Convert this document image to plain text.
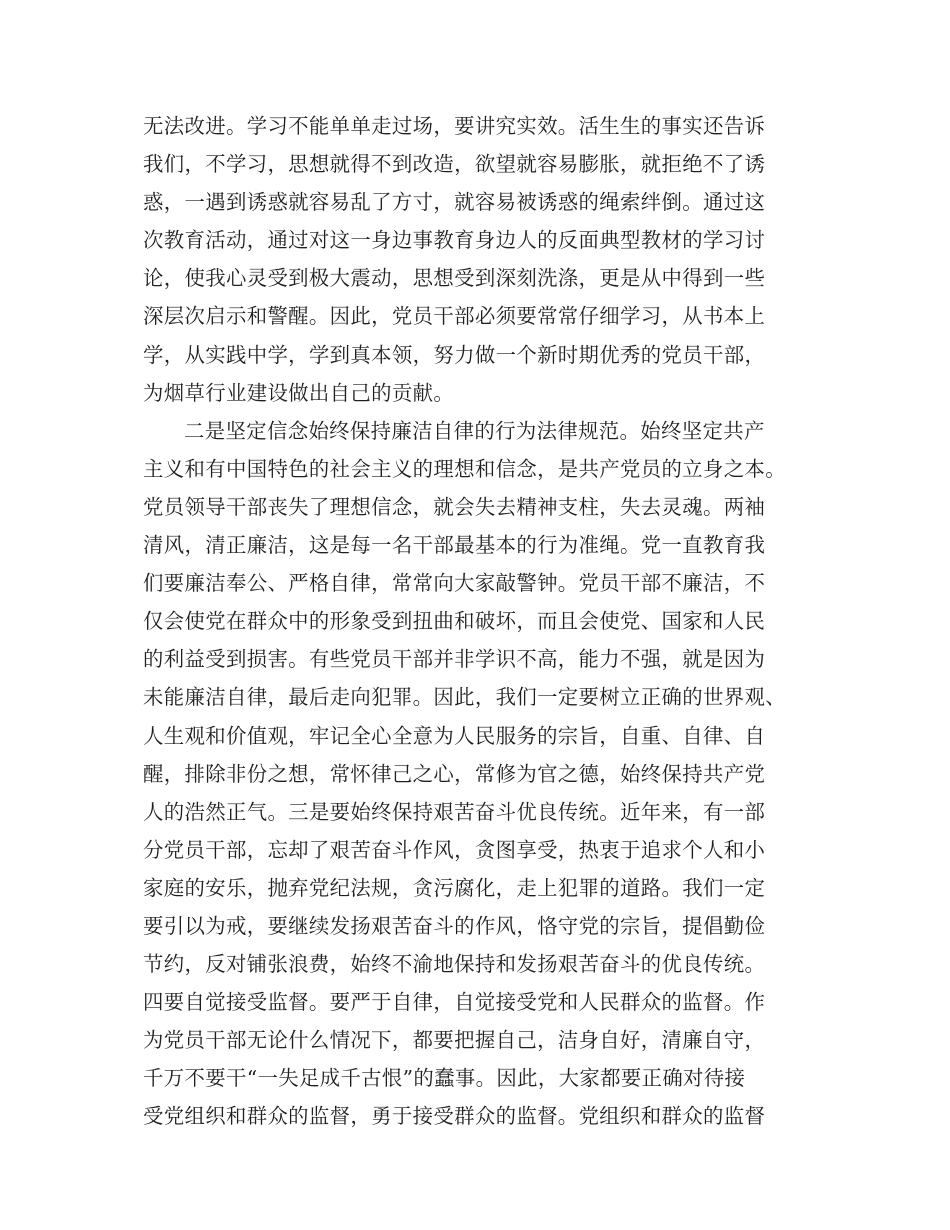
无法改进。学习不能单单走过场，要讲究实效。活生生的事实还告诉
我们，不学习，思想就得不到改造，欲望就容易膨胀，就拒绝不了诱
惑，一遇到诱惑就容易乱了方寸，就容易被诱惑的绳索绊倒。通过这
次教育活动，通过对这一身边事教育身边人的反面典型教材的学习讨
论，使我心灵受到极大震动，思想受到深刻洗涤，更是从中得到一些
深层次启示和警醒。因此，党员干部必须要常常仔细学习，从书本上
学，从实践中学，学到真本领，努力做一个新时期优秀的党员干部，
为烟草行业建设做出自己的贡献。
二是坚定信念始终保持廉洁自律的行为法律规范。始终坚定共产
主义和有中国特色的社会主义的理想和信念，是共产党员的立身之本。
党员领导干部丧失了理想信念，就会失去精神支柱，失去灵魂。两袖
清风，清正廉洁，这是每一名干部最基本的行为准绳。党一直教育我
们要廉洁奉公、严格自律，常常向大家敲警钟。党员干部不廉洁，不
仅会使党在群众中的形象受到扭曲和破坏，而且会使党、国家和人民
的利益受到损害。有些党员干部并非学识不高，能力不强，就是因为
未能廉洁自律，最后走向犯罪。因此，我们一定要树立正确的世界观、
人生观和价值观，牢记全心全意为人民服务的宗旨，自重、自律、自
醒，排除非份之想，常怀律己之心，常修为官之德，始终保持共产党
人的浩然正气。三是要始终保持艰苦奋斗优良传统。近年来，有一部
分党员干部，忘却了艰苦奋斗作风，贪图享受，热衷于追求个人和小
家庭的安乐，抛弃党纪法规，贪污腐化，走上犯罪的道路。我们一定
要引以为戒，要继续发扬艰苦奋斗的作风，恪守党的宗旨，提倡勤俭
节约，反对铺张浪费，始终不渝地保持和发扬艰苦奋斗的优良传统。
四要自觉接受监督。要严于自律，自觉接受党和人民群众的监督。作
为党员干部无论什么情况下，都要把握自己，洁身自好，清廉自守，
千万不要干“一失足成千古恨”的蠢事。因此，大家都要正确对待接
受党组织和群众的监督，勇于接受群众的监督。党组织和群众的监督
